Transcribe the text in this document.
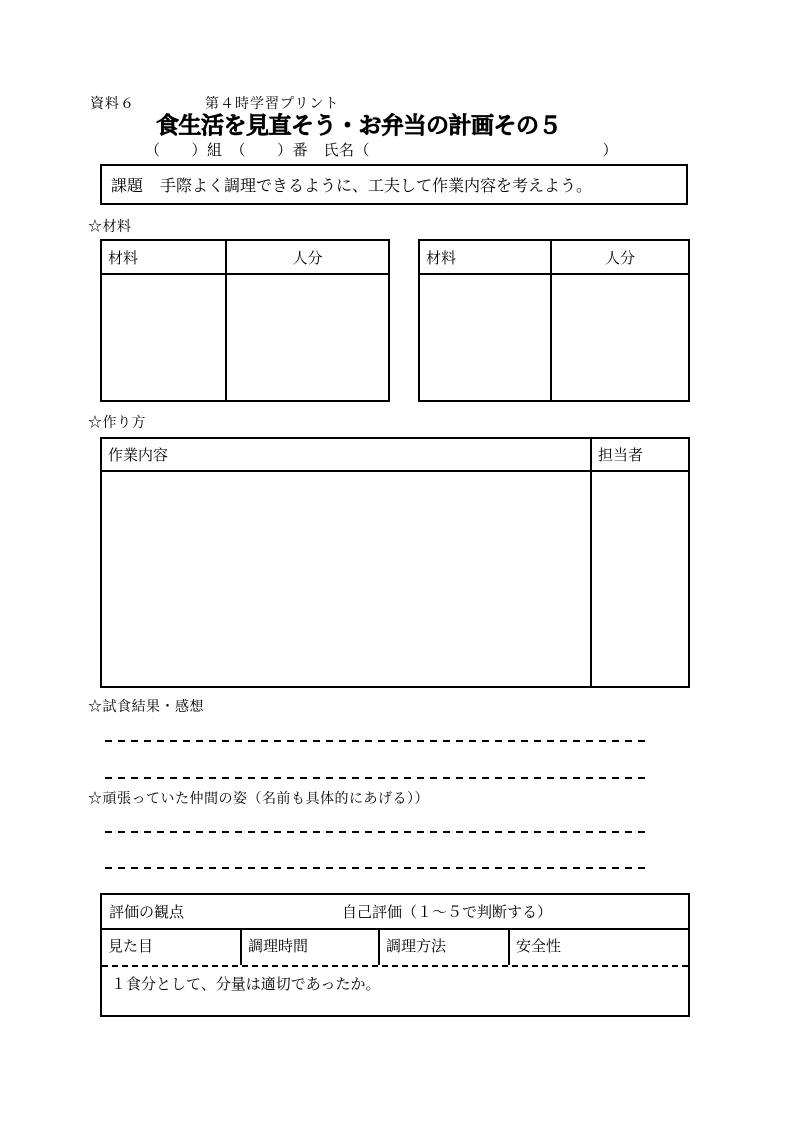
資料６	第４時学習プリント
食生活を見直そう・お弁当の計画その５
（　　）組　（　　）番　氏名（　　　　　　　　　　　　　　　）
課題 手際よく調理できるように、工夫して作業内容を考えよう。
☆材料
材料	人分	材料	人分
☆作り方
作業内容	担当者
☆試食結果・感想
☆頑張っていた仲間の姿（名前も具体的にあげる））
評価の観点	自己評価（１～５で判断する）
見た目	調理時間	調理方法	安全性
１食分として、分量は適切であったか。
